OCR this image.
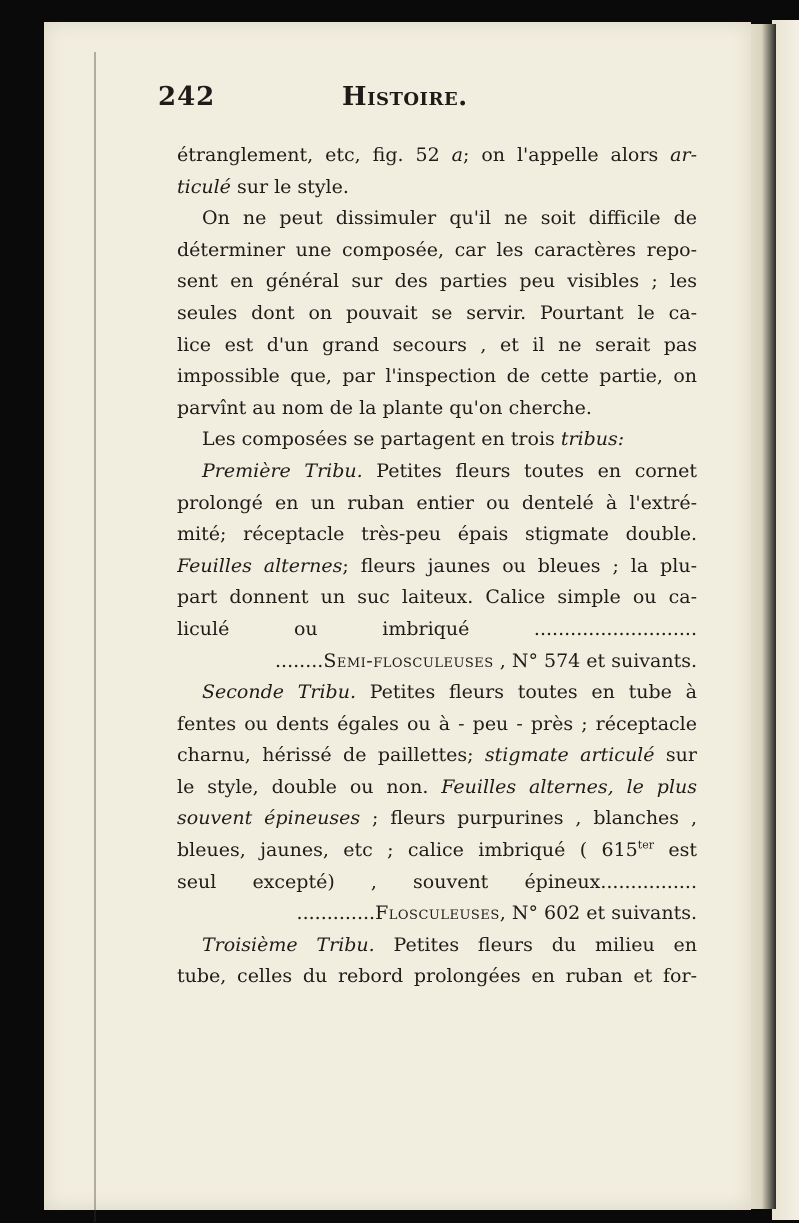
242	Histoire.
étranglement, etc, fig. 52 a; on l'appelle alors ar-
ticulé sur le style.
On ne peut dissimuler qu'il ne soit difficile de
déterminer une composée, car les caractères repo-
sent en général sur des parties peu visibles ; les
seules dont on pouvait se servir. Pourtant le ca-
lice est d'un grand secours , et il ne serait pas
impossible que, par l'inspection de cette partie, on
parvînt au nom de la plante qu'on cherche.
Les composées se partagent en trois tribus:
Première Tribu. Petites fleurs toutes en cornet
prolongé en un ruban entier ou dentelé à l'extré-
mité; réceptacle très-peu épais stigmate double.
Feuilles alternes; fleurs jaunes ou bleues ; la plu-
part donnent un suc laiteux. Calice simple ou ca-
liculé ou imbriqué ...........................
........Semi-flosculeuses , N° 574 et suivants.
Seconde Tribu. Petites fleurs toutes en tube à
fentes ou dents égales ou à - peu - près ; réceptacle
charnu, hérissé de paillettes; stigmate articulé sur
le style, double ou non. Feuilles alternes, le plus
souvent épineuses ; fleurs purpurines , blanches ,
bleues, jaunes, etc ; calice imbriqué ( $615^{ter}$ est
seul excepté) , souvent épineux................
.............Flosculeuses, N° 602 et suivants.
Troisième Tribu. Petites fleurs du milieu en
tube, celles du rebord prolongées en ruban et for-
